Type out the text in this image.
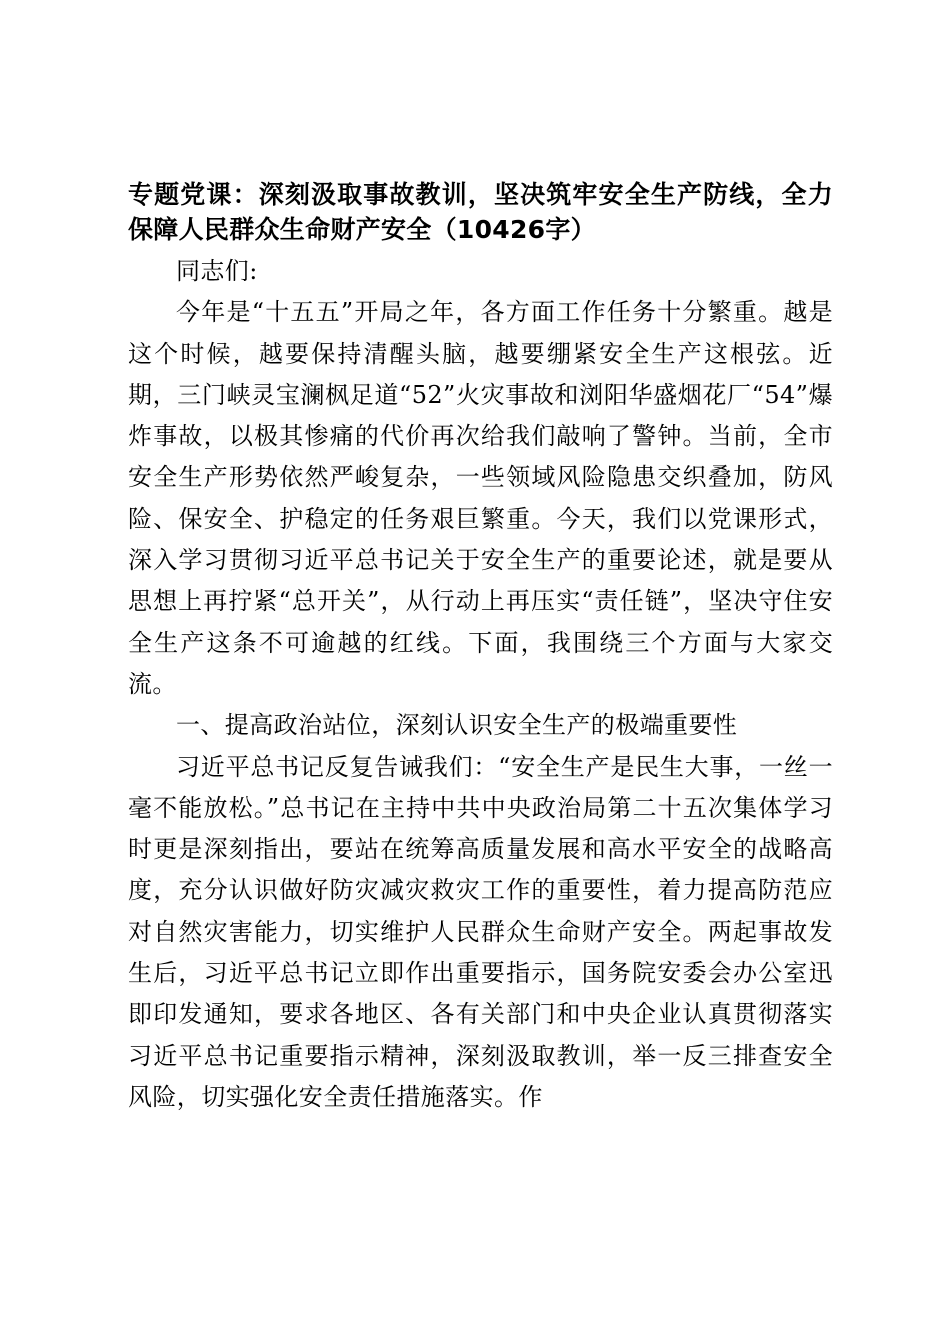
专题党课：深刻汲取事故教训，坚决筑牢安全生产防线，全力保障人民群众生命财产安全（10426字）

同志们:

今年是“十五五”开局之年，各方面工作任务十分繁重。越是这个时候，越要保持清醒头脑，越要绷紧安全生产这根弦。近期，三门峡灵宝澜枫足道“52”火灾事故和浏阳华盛烟花厂“54”爆炸事故，以极其惨痛的代价再次给我们敲响了警钟。当前，全市安全生产形势依然严峻复杂，一些领域风险隐患交织叠加，防风险、保安全、护稳定的任务艰巨繁重。今天，我们以党课形式，深入学习贯彻习近平总书记关于安全生产的重要论述，就是要从思想上再拧紧“总开关”，从行动上再压实“责任链”，坚决守住安全生产这条不可逾越的红线。下面，我围绕三个方面与大家交流。

一、提高政治站位，深刻认识安全生产的极端重要性

习近平总书记反复告诫我们：“安全生产是民生大事，一丝一毫不能放松。”总书记在主持中共中央政治局第二十五次集体学习时更是深刻指出，要站在统筹高质量发展和高水平安全的战略高度，充分认识做好防灾减灾救灾工作的重要性，着力提高防范应对自然灾害能力，切实维护人民群众生命财产安全。两起事故发生后，习近平总书记立即作出重要指示，国务院安委会办公室迅即印发通知，要求各地区、各有关部门和中央企业认真贯彻落实习近平总书记重要指示精神，深刻汲取教训，举一反三排查安全风险，切实强化安全责任措施落实。作
